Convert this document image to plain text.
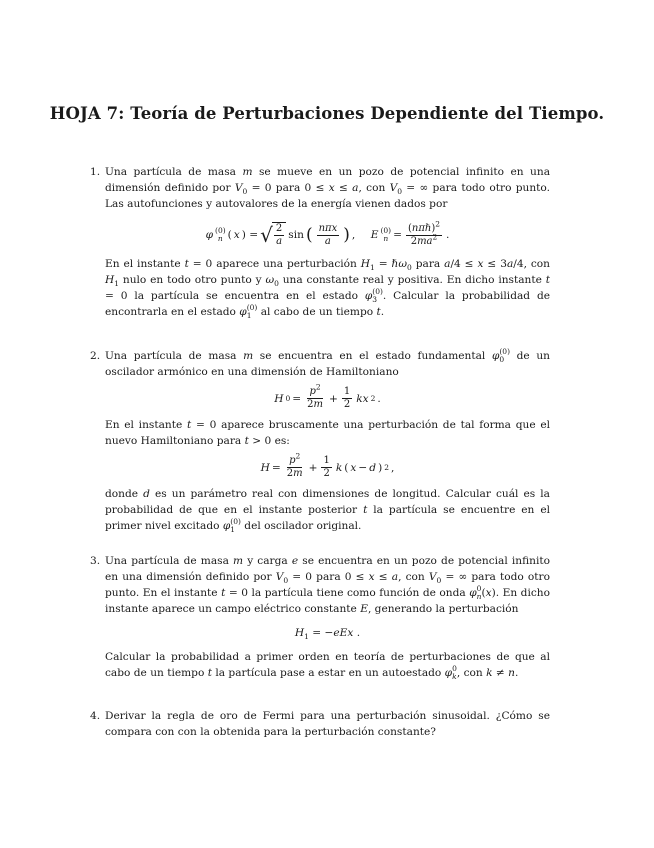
HOJA 7: Teoría de Perturbaciones Dependiente del Tiempo.
1. Una partícula de masa m se mueve en un pozo de potencial infinito en una dimensión definido por $V_0 = 0$ para 0 ≤ x ≤ a, con $V_0$ = ∞ para todo otro punto. Las autofunciones y autovalores de la energía vienen dados por

φ (0)
n ( x ) = √ $\frac{2}{a}$ sin ( $\frac{\text{nπx}}{a}$ ) , E (0)
$n = \frac{(n\pi\hbar)^2}{2ma^2}$ .

En el instante t = 0 aparece una perturbación $H_1$ = ℏω$_0$ para a/4 ≤ x ≤ 3a/4, con $H_1$ nulo en todo otro punto y $\omega_0$ una constante real y positiva. En dicho instante t = 0 la partícula se encuentra en el estado φ (0)
3 . Calcular la probabilidad de encontrarla en el estado φ (0)
1 al cabo de un tiempo t.

2. Una partícula de masa m se encuentra en el estado fundamental φ (0)
0 de un oscilador armónico en una dimensión de Hamiltoniano

H $0 = \frac{p^2}{2m} + \frac{1}{2}$ kx 2 .

En el instante t = 0 aparece bruscamente una perturbación de tal forma que el nuevo Hamiltoniano para t > 0 es:

$H = \frac{p^2}{2m} + \frac{1}{2}$ k ( x − d ) 2 ,

donde d es un parámetro real con dimensiones de longitud. Calcular cuál es la probabilidad de que en el instante posterior t la partícula se encuentre en el primer nivel excitado φ (0)
1 del oscilador original.

3. Una partícula de masa m y carga e se encuentra en un pozo de potencial infinito en una dimensión definido por $V_0 = 0$ para 0 ≤ x ≤ a, con $V_0$ = ∞ para todo otro punto. En el instante t = 0 la partícula tiene como función de onda φ 0
n (x). En dicho instante aparece un campo eléctrico constante E, generando la perturbación

$H_1 = -eEx$ .

Calcular la probabilidad a primer orden en teoría de perturbaciones de que al cabo de un tiempo t la partícula pase a estar en un autoestado φ 0
k , con k ≠ n.

4. Derivar la regla de oro de Fermi para una perturbación sinusoidal. ¿Cómo se compara con con la obtenida para la perturbación constante?
